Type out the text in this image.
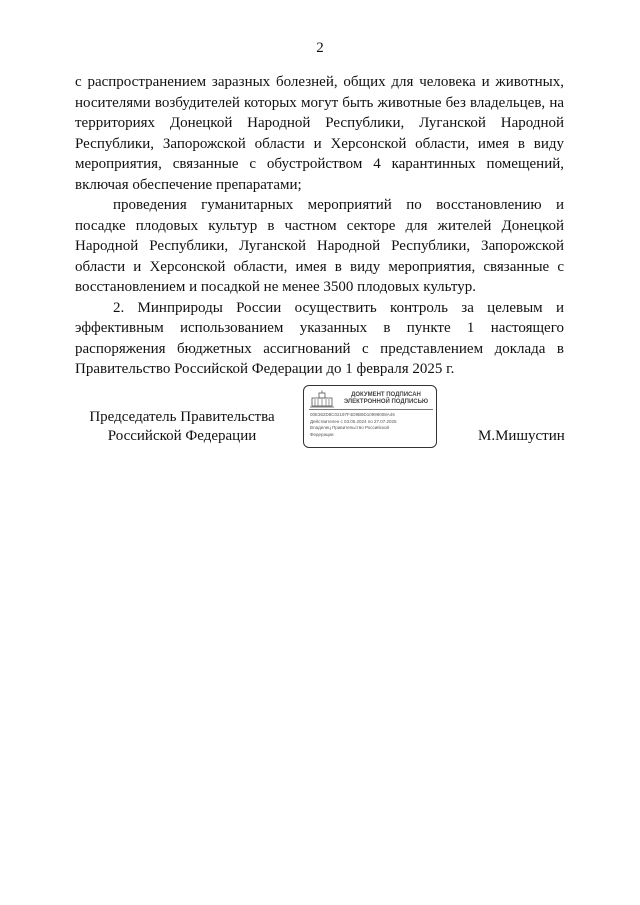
2

с распространением заразных болезней, общих для человека и животных, носителями возбудителей которых могут быть животные без владельцев, на территориях Донецкой Народной Республики, Луганской Народной Республики, Запорожской области и Херсонской области, имея в виду мероприятия, связанные с обустройством 4 карантинных помещений, включая обеспечение препаратами;

проведения гуманитарных мероприятий по восстановлению и посадке плодовых культур в частном секторе для жителей Донецкой Народной Республики, Луганской Народной Республики, Запорожской области и Херсонской области, имея в виду мероприятия, связанные с восстановлением и посадкой не менее 3500 плодовых культур.

2. Минприроды России осуществить контроль за целевым и эффективным использованием указанных в пункте 1 настоящего распоряжения бюджетных ассигнований с представлением доклада в Правительство Российской Федерации до 1 февраля 2025 г.

Председатель Правительства
Российской Федерации
ДОКУМЕНТ ПОДПИСАН
ЭЛЕКТРОННОЙ ПОДПИСЬЮ
00E362D8C02197F4D9B9D10999008A46
Действителен с 03.05.2024 по 27.07.2025
Владелец Правительство Российской
Федерации	М.Мишустин
